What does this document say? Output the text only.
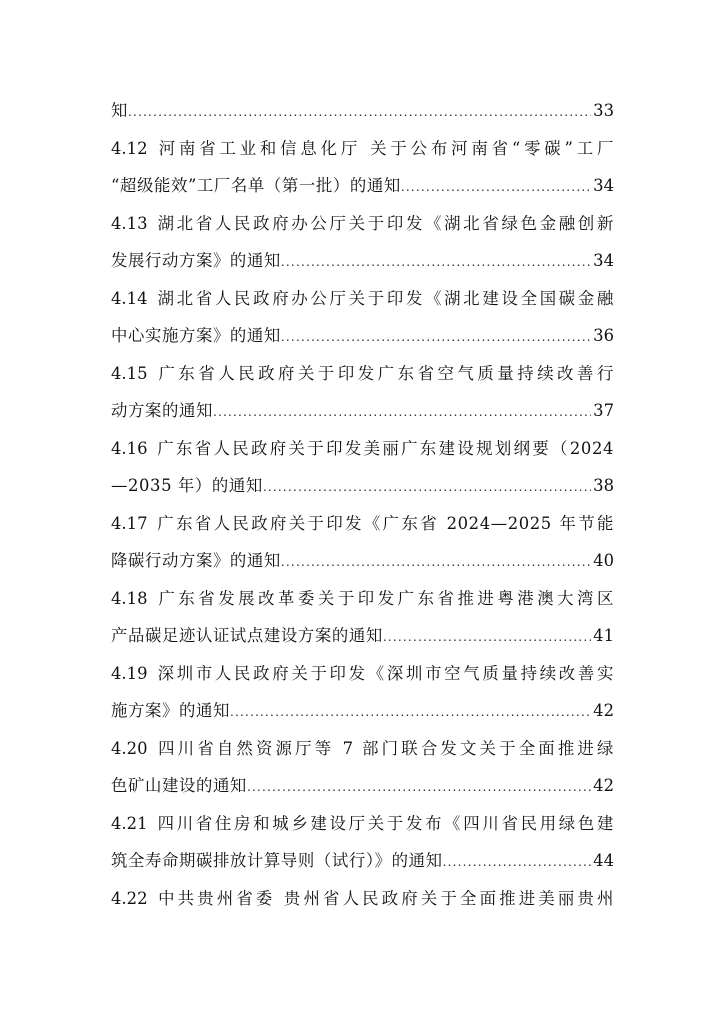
知 .....	33
4.12 河南省工业和信息化厅 关于公布河南省“零碳”工厂
“超级能效”工厂名单（第一批）的通知 .....	34
4.13 湖北省人民政府办公厅关于印发《湖北省绿色金融创新
发展行动方案》的通知 .....	34
4.14 湖北省人民政府办公厅关于印发《湖北建设全国碳金融
中心实施方案》的通知 .....	36
4.15 广东省人民政府关于印发广东省空气质量持续改善行
动方案的通知 .....	37
4.16 广东省人民政府关于印发美丽广东建设规划纲要（2024
—2035 年）的通知 .....	38
4.17 广东省人民政府关于印发《广东省 2024—2025 年节能
降碳行动方案》的通知 .....	40
4.18 广东省发展改革委关于印发广东省推进粤港澳大湾区
产品碳足迹认证试点建设方案的通知 .....	41
4.19 深圳市人民政府关于印发《深圳市空气质量持续改善实
施方案》的通知 .....	42
4.20 四川省自然资源厅等 7 部门联合发文关于全面推进绿
色矿山建设的通知 .....	42
4.21 四川省住房和城乡建设厅关于发布《四川省民用绿色建
筑全寿命期碳排放计算导则（试行）》的通知 .....	44
4.22 中共贵州省委 贵州省人民政府关于全面推进美丽贵州
